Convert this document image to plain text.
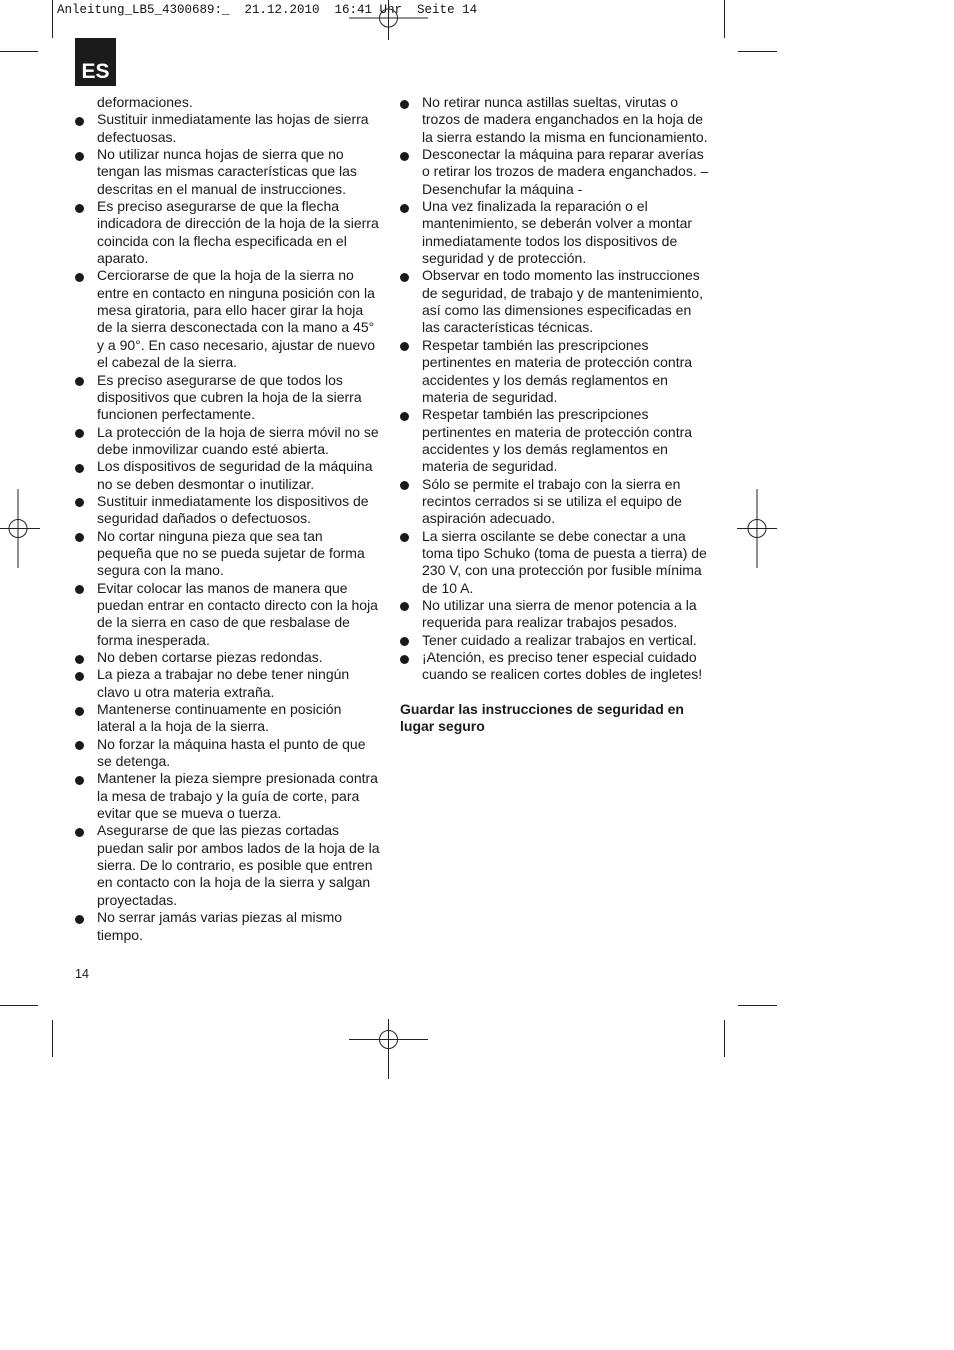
Anleitung_LB5_4300689:_  21.12.2010  16:41 Uhr  Seite 14
ES
deformaciones.
Sustituir inmediatamente las hojas de sierra defectuosas.
No utilizar nunca hojas de sierra que no tengan las mismas características que las descritas en el manual de instrucciones.
Es preciso asegurarse de que la flecha indicadora de dirección de la hoja de la sierra coincida con la flecha especificada en el aparato.
Cerciorarse de que la hoja de la sierra no entre en contacto en ninguna posición con la mesa giratoria, para ello hacer girar la hoja de la sierra desconectada con la mano a 45° y a 90°. En caso necesario, ajustar de nuevo el cabezal de la sierra.
Es preciso asegurarse de que todos los dispositivos que cubren la hoja de la sierra funcionen perfectamente.
La protección de la hoja de sierra móvil no se debe inmovilizar cuando esté abierta.
Los dispositivos de seguridad de la máquina no se deben desmontar o inutilizar.
Sustituir inmediatamente los dispositivos de seguridad dañados o defectuosos.
No cortar ninguna pieza que sea tan pequeña que no se pueda sujetar de forma segura con la mano.
Evitar colocar las manos de manera que puedan entrar en contacto directo con la hoja de la sierra en caso de que resbalase de forma inesperada.
No deben cortarse piezas redondas.
La pieza a trabajar no debe tener ningún clavo u otra materia extraña.
Mantenerse continuamente en posición lateral a la hoja de la sierra.
No forzar la máquina hasta el punto de que se detenga.
Mantener la pieza siempre presionada contra la mesa de trabajo y la guía de corte, para evitar que se mueva o tuerza.
Asegurarse de que las piezas cortadas puedan salir por ambos lados de la hoja de la sierra. De lo contrario, es posible que entren en contacto con la hoja de la sierra y salgan proyectadas.
No serrar jamás varias piezas al mismo tiempo.
No retirar nunca astillas sueltas, virutas o trozos de madera enganchados en la hoja de la sierra estando la misma en funcionamiento.
Desconectar la máquina para reparar averías o retirar los trozos de madera enganchados. – Desenchufar la máquina -
Una vez finalizada la reparación o el mantenimiento, se deberán volver a montar inmediatamente todos los dispositivos de seguridad y de protección.
Observar en todo momento las instrucciones de seguridad, de trabajo y de mantenimiento, así como las dimensiones especificadas en las características técnicas.
Respetar también las prescripciones pertinentes en materia de protección contra accidentes y los demás reglamentos en materia de seguridad.
Respetar también las prescripciones pertinentes en materia de protección contra accidentes y los demás reglamentos en materia de seguridad.
Sólo se permite el trabajo con la sierra en recintos cerrados si se utiliza el equipo de aspiración adecuado.
La sierra oscilante se debe conectar a una toma tipo Schuko (toma de puesta a tierra) de 230 V, con una protección por fusible mínima de 10 A.
No utilizar una sierra de menor potencia a la requerida para realizar trabajos pesados.
Tener cuidado a realizar trabajos en vertical.
¡Atención, es preciso tener especial cuidado cuando se realicen cortes dobles de ingletes!
Guardar las instrucciones de seguridad en lugar seguro
14
